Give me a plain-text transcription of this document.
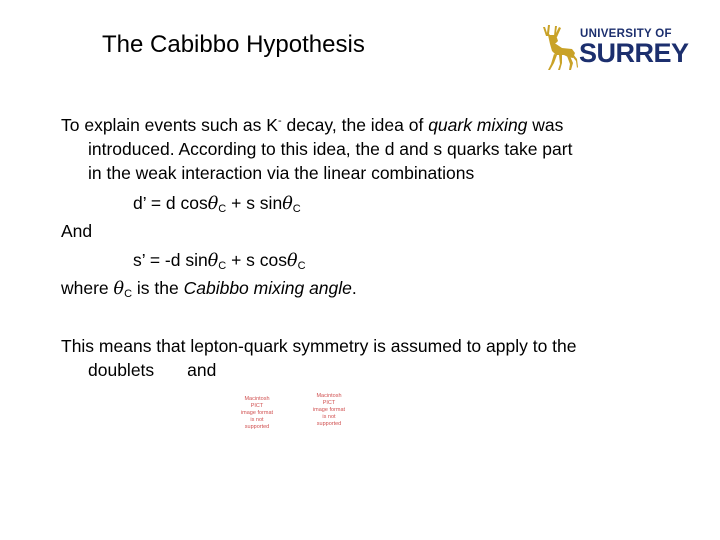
The Cabibbo Hypothesis	UNIVERSITY OF
SURREY
To explain events such as K- decay, the idea of quark mixing was
introduced. According to this idea, the d and s quarks take part
in the weak interaction via the linear combinations
d’ = d cosθ$_C$ + s sinθ$_C$
And
s’ = -d sinθ$_C$ + s cosθ$_C$
where $\theta_C$ is the Cabibbo mixing angle.
This means that lepton-quark symmetry is assumed to apply to the
doublets and
Macintosh PICT
image format
is not supported
Macintosh PICT
image format
is not supported
